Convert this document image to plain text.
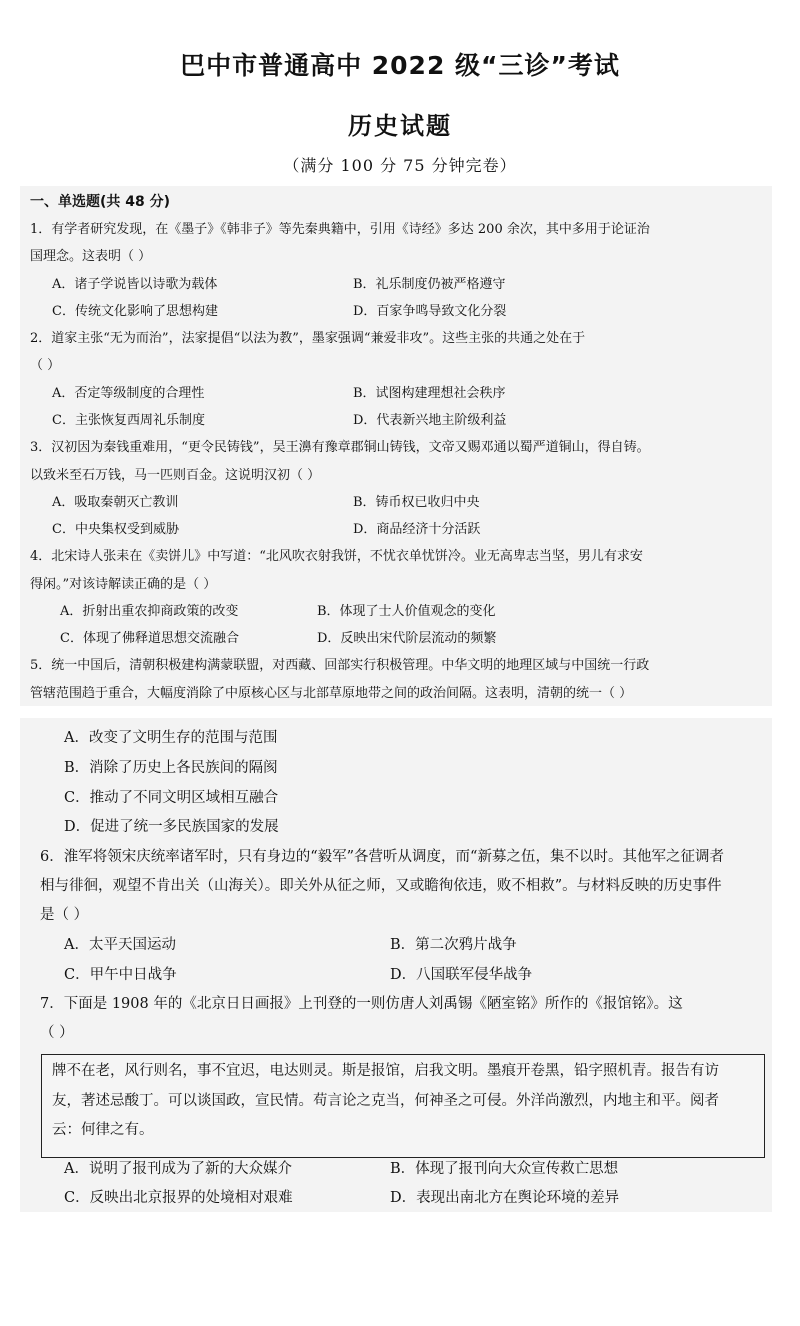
巴中市普通高中 2022 级“三诊”考试
历史试题
（满分 100 分 75 分钟完卷）
一、单选题(共 48 分)
1．有学者研究发现，在《墨子》《韩非子》等先秦典籍中，引用《诗经》多达 200 余次，其中多用于论证治
国理念。这表明（ ）
A．诸子学说皆以诗歌为载体	B．礼乐制度仍被严格遵守
C．传统文化影响了思想构建	D．百家争鸣导致文化分裂
2．道家主张“无为而治”，法家提倡“以法为教”，墨家强调“兼爱非攻”。这些主张的共通之处在于
（ ）
A．否定等级制度的合理性	B．试图构建理想社会秩序
C．主张恢复西周礼乐制度	D．代表新兴地主阶级利益
3．汉初因为秦钱重难用，“更令民铸钱”，吴王濞有豫章郡铜山铸钱，文帝又赐邓通以蜀严道铜山，得自铸。
以致米至石万钱，马一匹则百金。这说明汉初（ ）
A．吸取秦朝灭亡教训	B．铸币权已收归中央
C．中央集权受到威胁	D．商品经济十分活跃
4．北宋诗人张耒在《卖饼儿》中写道：“北风吹衣射我饼，不忧衣单忧饼冷。业无高卑志当坚，男儿有求安
得闲。”对该诗解读正确的是（ ）
A．折射出重农抑商政策的改变	B．体现了士人价值观念的变化
C．体现了佛释道思想交流融合	D．反映出宋代阶层流动的频繁
5．统一中国后，清朝积极建构满蒙联盟，对西藏、回部实行积极管理。中华文明的地理区域与中国统一行政
管辖范围趋于重合，大幅度消除了中原核心区与北部草原地带之间的政治间隔。这表明，清朝的统一（ ）
A．改变了文明生存的范围与范围
B．消除了历史上各民族间的隔阂
C．推动了不同文明区域相互融合
D．促进了统一多民族国家的发展
6．淮军将领宋庆统率诸军时，只有身边的“毅军”各营听从调度，而“新募之伍，集不以时。其他军之征调者
相与徘徊，观望不肯出关（山海关）。即关外从征之师，又或瞻徇依违，败不相救”。与材料反映的历史事件
是（ ）
A．太平天国运动	B．第二次鸦片战争
C．甲午中日战争	D．八国联军侵华战争
7．下面是 1908 年的《北京日日画报》上刊登的一则仿唐人刘禹锡《陋室铭》所作的《报馆铭》。这
（ ）
牌不在老，风行则名，事不宜迟，电达则灵。斯是报馆，启我文明。墨痕开卷黑，铅字照机青。报告有访
友，著述忌酸丁。可以谈国政，宣民情。苟言论之克当，何神圣之可侵。外洋尚激烈，内地主和平。阅者
云：何律之有。
A．说明了报刊成为了新的大众媒介	B．体现了报刊向大众宣传救亡思想
C．反映出北京报界的处境相对艰难	D．表现出南北方在舆论环境的差异
